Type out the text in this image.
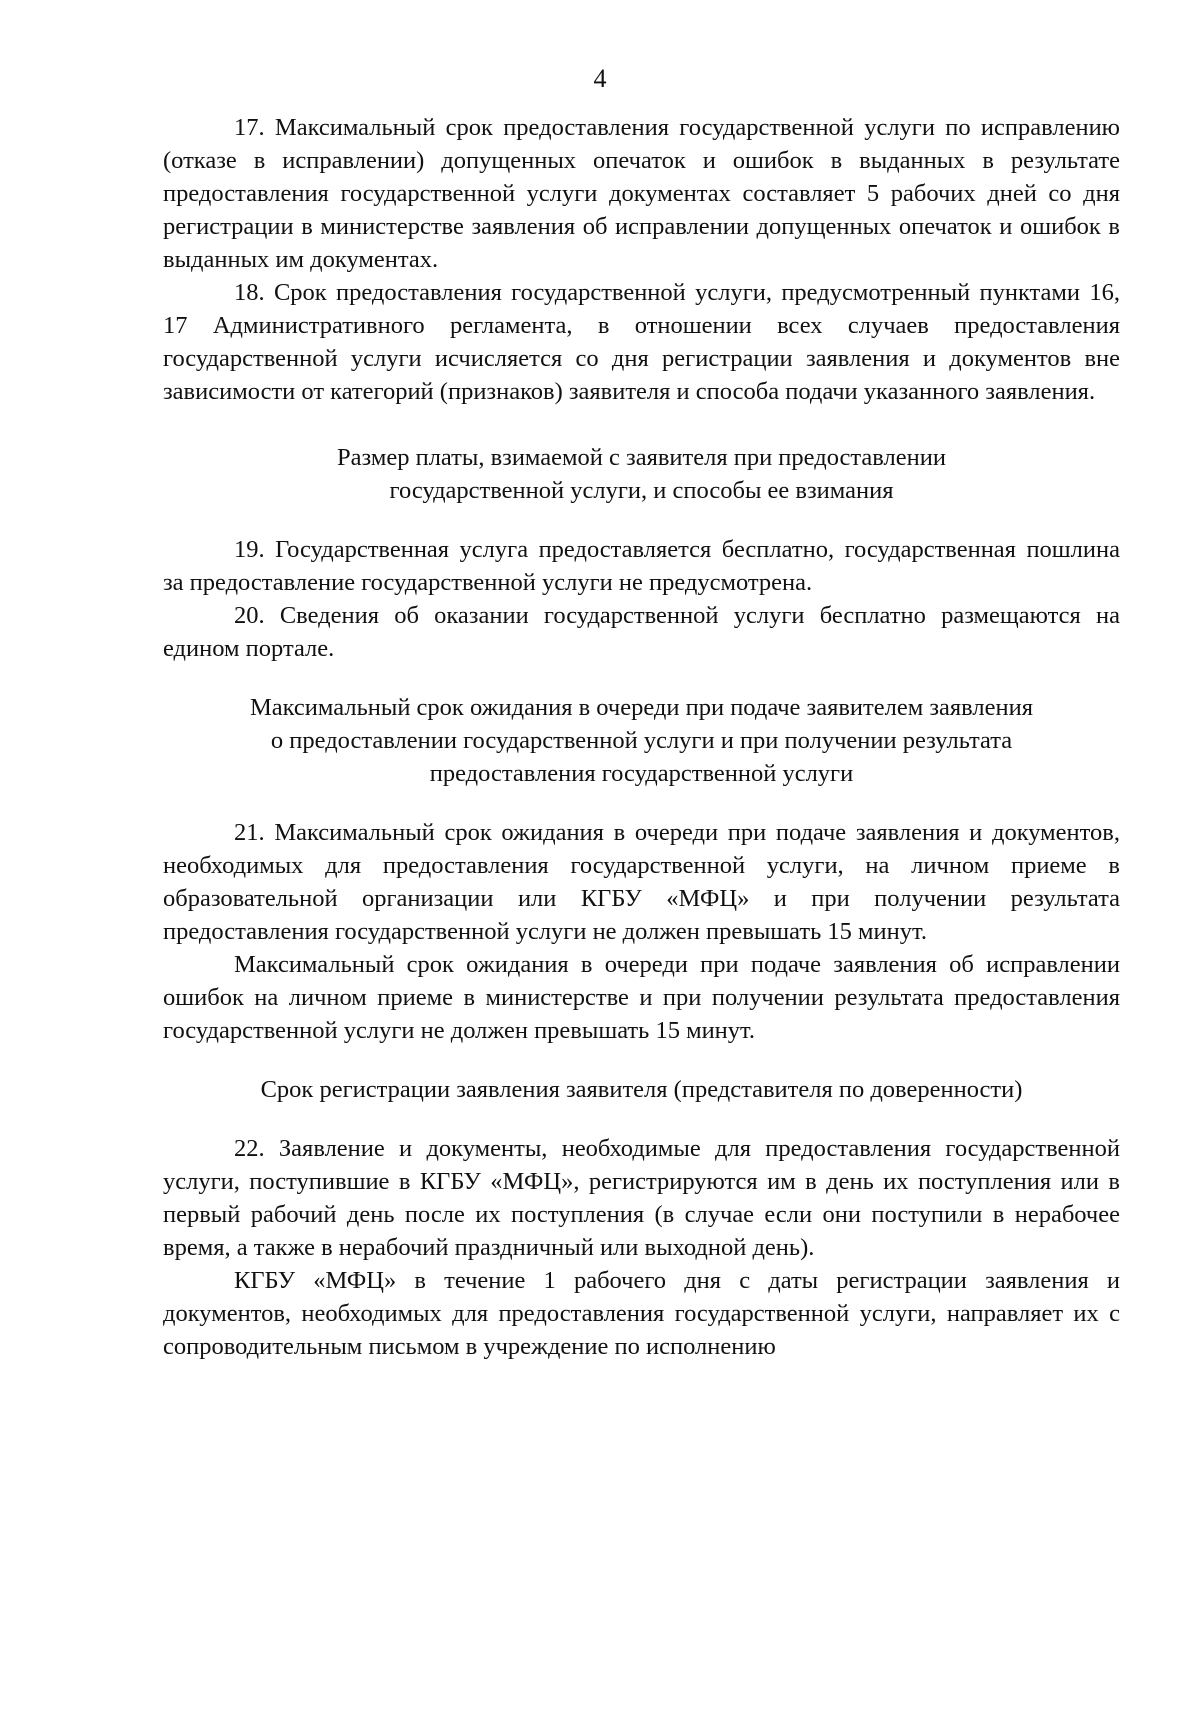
4

17. Максимальный срок предоставления государственной услуги по исправлению (отказе в исправлении) допущенных опечаток и ошибок в выданных в результате предоставления государственной услуги документах составляет 5 рабочих дней со дня регистрации в министерстве заявления об исправлении допущенных опечаток и ошибок в выданных им документах.

18. Срок предоставления государственной услуги, предусмотренный пунктами 16, 17 Административного регламента, в отношении всех случаев предоставления государственной услуги исчисляется со дня регистрации заявления и документов вне зависимости от категорий (признаков) заявителя и способа подачи указанного заявления.

Размер платы, взимаемой с заявителя при предоставлении

государственной услуги, и способы ее взимания

19. Государственная услуга предоставляется бесплатно, государственная пошлина за предоставление государственной услуги не предусмотрена.

20. Сведения об оказании государственной услуги бесплатно размещаются на едином портале.

Максимальный срок ожидания в очереди при подаче заявителем заявления

о предоставлении государственной услуги и при получении результата

предоставления государственной услуги

21. Максимальный срок ожидания в очереди при подаче заявления и документов, необходимых для предоставления государственной услуги, на личном приеме в образовательной организации или КГБУ «МФЦ» и при получении результата предоставления государственной услуги не должен превышать 15 минут.

Максимальный срок ожидания в очереди при подаче заявления об исправлении ошибок на личном приеме в министерстве и при получении результата предоставления государственной услуги не должен превышать 15 минут.

Срок регистрации заявления заявителя (представителя по доверенности)

22. Заявление и документы, необходимые для предоставления государственной услуги, поступившие в КГБУ «МФЦ», регистрируются им в день их поступления или в первый рабочий день после их поступления (в случае если они поступили в нерабочее время, а также в нерабочий праздничный или выходной день).

КГБУ «МФЦ» в течение 1 рабочего дня с даты регистрации заявления и документов, необходимых для предоставления государственной услуги, направляет их с сопроводительным письмом в учреждение по исполнению
